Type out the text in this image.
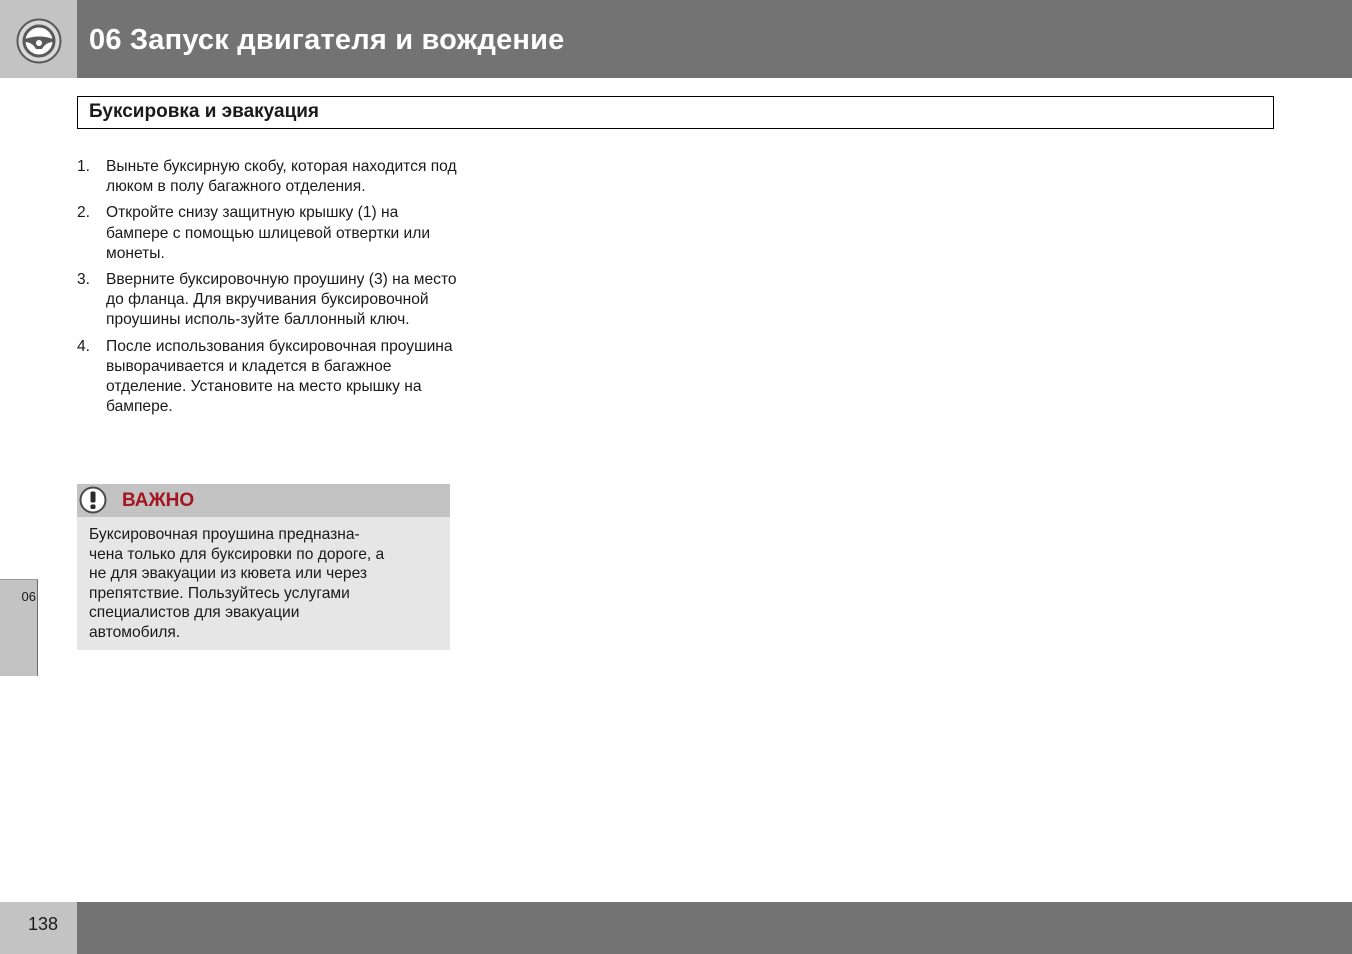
06 Запуск двигателя и вождение
Буксировка и эвакуация
1. Выньте буксирную скобу, которая находится под люком в полу багажного отделения.
2. Откройте снизу защитную крышку (1) на бампере с помощью шлицевой отвертки или монеты.
3. Вверните буксировочную проушину (3) на место до фланца. Для вкручивания буксировочной проушины исполь-зуйте баллонный ключ.
4. После использования буксировочная проушина выворачивается и кладется в багажное отделение. Установите на место крышку на бампере.
ВАЖНО
Буксировочная проушина предназна-
чена только для буксировки по дороге, а
не для эвакуации из кювета или через
препятствие. Пользуйтесь услугами
специалистов для эвакуации
автомобиля.
06
138
